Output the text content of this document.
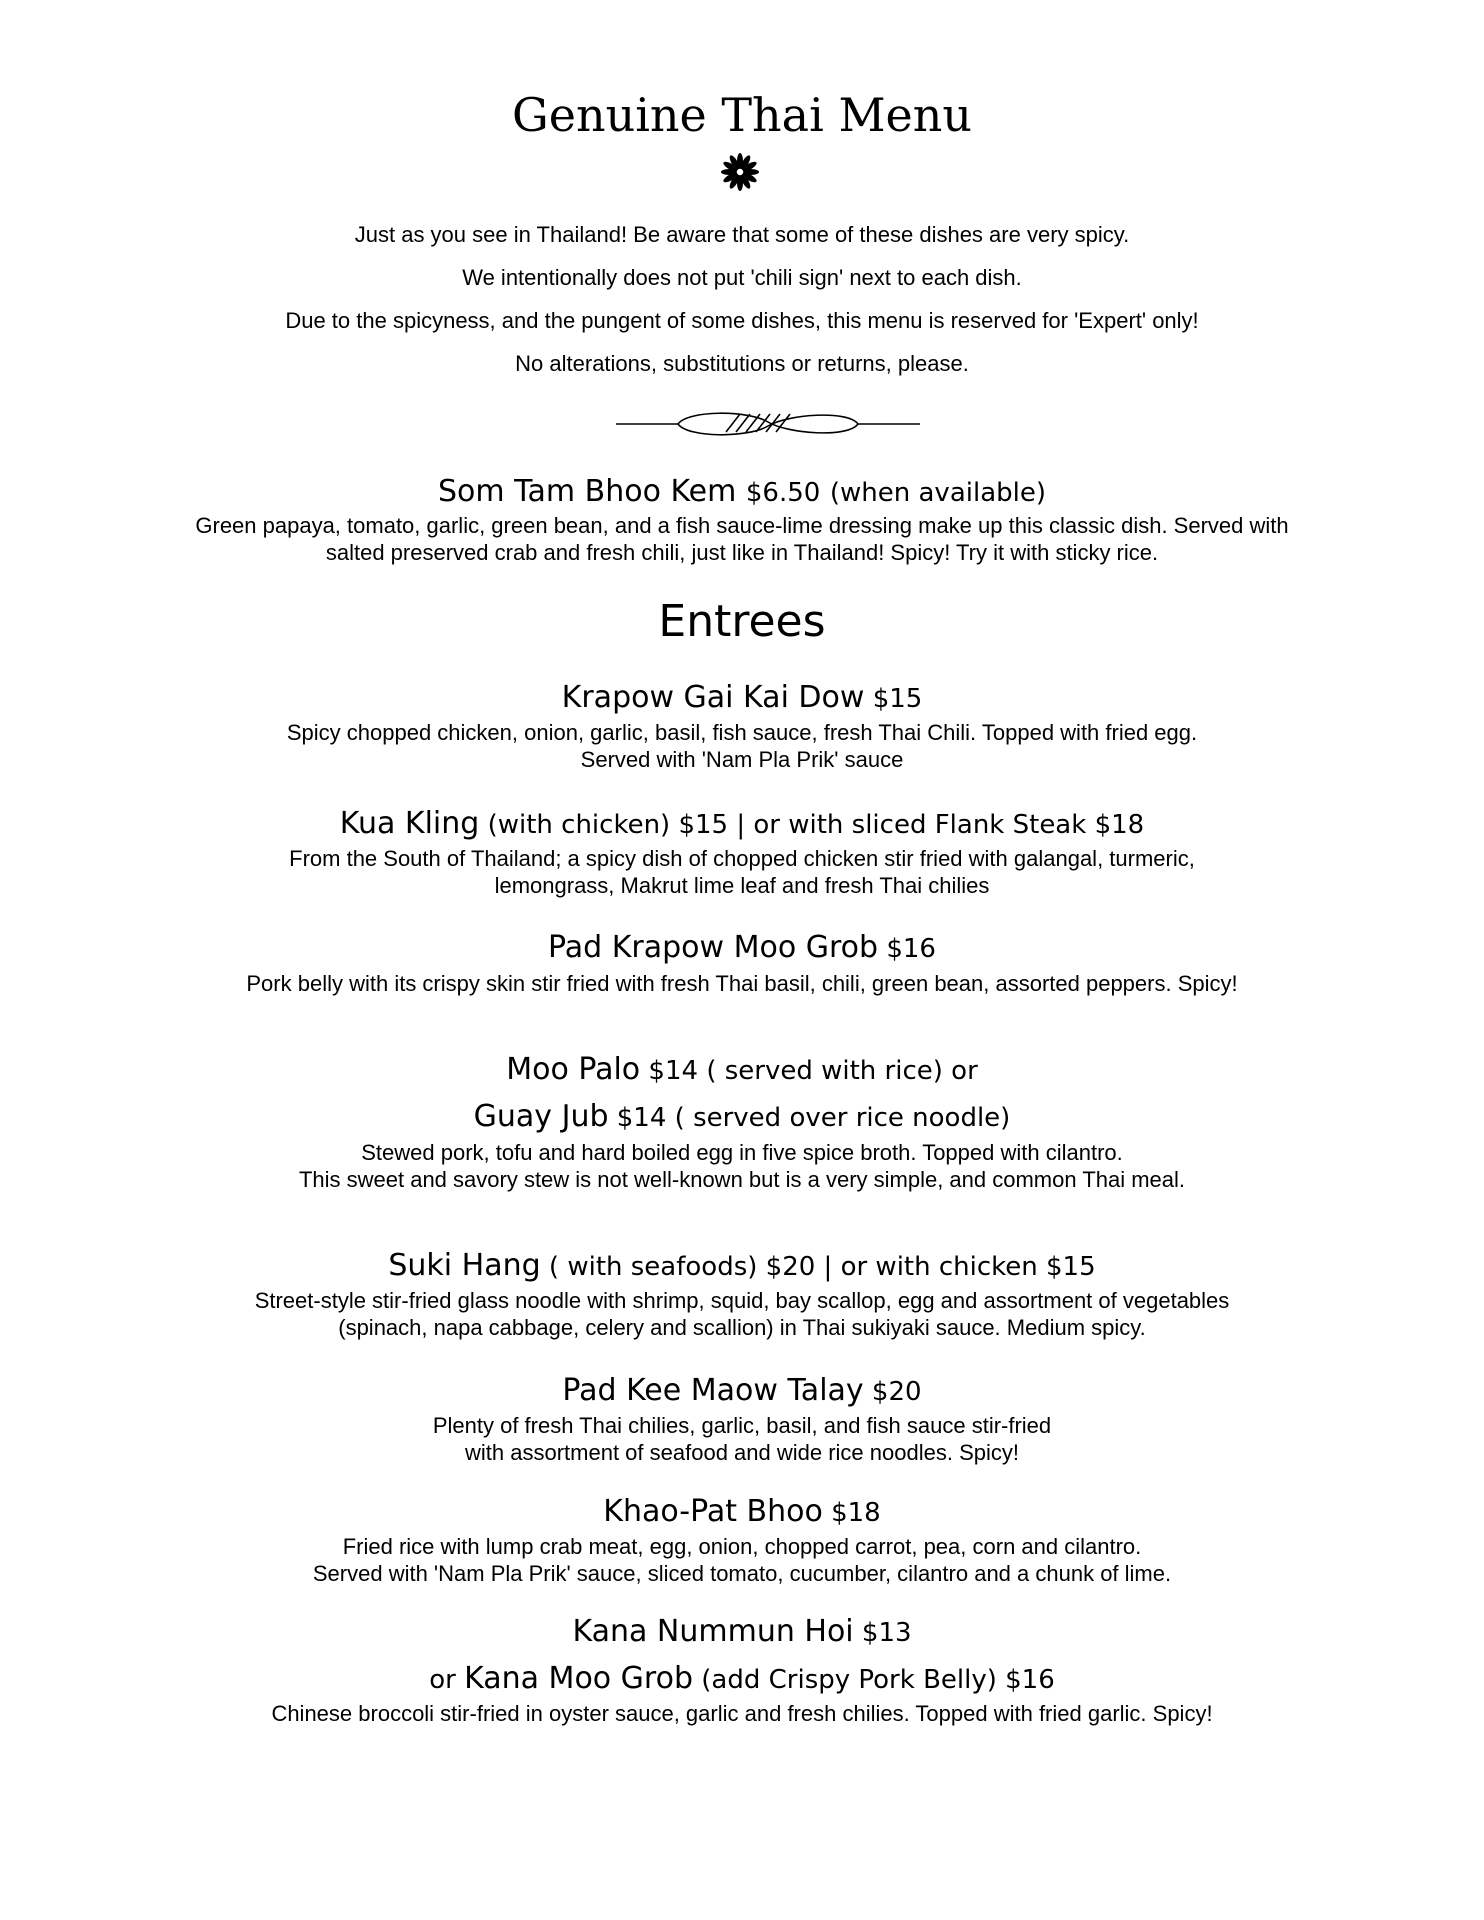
Genuine Thai Menu
Just as you see in Thailand! Be aware that some of these dishes are very spicy.
We intentionally does not put 'chili sign' next to each dish.
Due to the spicyness, and the pungent of some dishes, this menu is reserved for 'Expert' only!
No alterations, substitutions or returns, please.
Som Tam Bhoo Kem $6.50 (when available)
Green papaya, tomato, garlic, green bean, and a fish sauce-lime dressing make up this classic dish. Served with
salted preserved crab and fresh chili, just like in Thailand! Spicy! Try it with sticky rice.
Entrees
Krapow Gai Kai Dow $15
Spicy chopped chicken, onion, garlic, basil, fish sauce, fresh Thai Chili. Topped with fried egg.
Served with 'Nam Pla Prik' sauce
Kua Kling (with chicken) $15 | or with sliced Flank Steak $18
From the South of Thailand; a spicy dish of chopped chicken stir fried with galangal, turmeric,
lemongrass, Makrut lime leaf and fresh Thai chilies
Pad Krapow Moo Grob $16
Pork belly with its crispy skin stir fried with fresh Thai basil, chili, green bean, assorted peppers. Spicy!
Moo Palo $14 ( served with rice) or
Guay Jub $14 ( served over rice noodle)
Stewed pork, tofu and hard boiled egg in five spice broth. Topped with cilantro.
This sweet and savory stew is not well-known but is a very simple, and common Thai meal.
Suki Hang ( with seafoods) $20 | or with chicken $15
Street-style stir-fried glass noodle with shrimp, squid, bay scallop, egg and assortment of vegetables
(spinach, napa cabbage, celery and scallion) in Thai sukiyaki sauce. Medium spicy.
Pad Kee Maow Talay $20
Plenty of fresh Thai chilies, garlic, basil, and fish sauce stir-fried
with assortment of seafood and wide rice noodles. Spicy!
Khao-Pat Bhoo $18
Fried rice with lump crab meat, egg, onion, chopped carrot, pea, corn and cilantro.
Served with 'Nam Pla Prik' sauce, sliced tomato, cucumber, cilantro and a chunk of lime.
Kana Nummun Hoi $13
or Kana Moo Grob (add Crispy Pork Belly) $16
Chinese broccoli stir-fried in oyster sauce, garlic and fresh chilies. Topped with fried garlic. Spicy!
